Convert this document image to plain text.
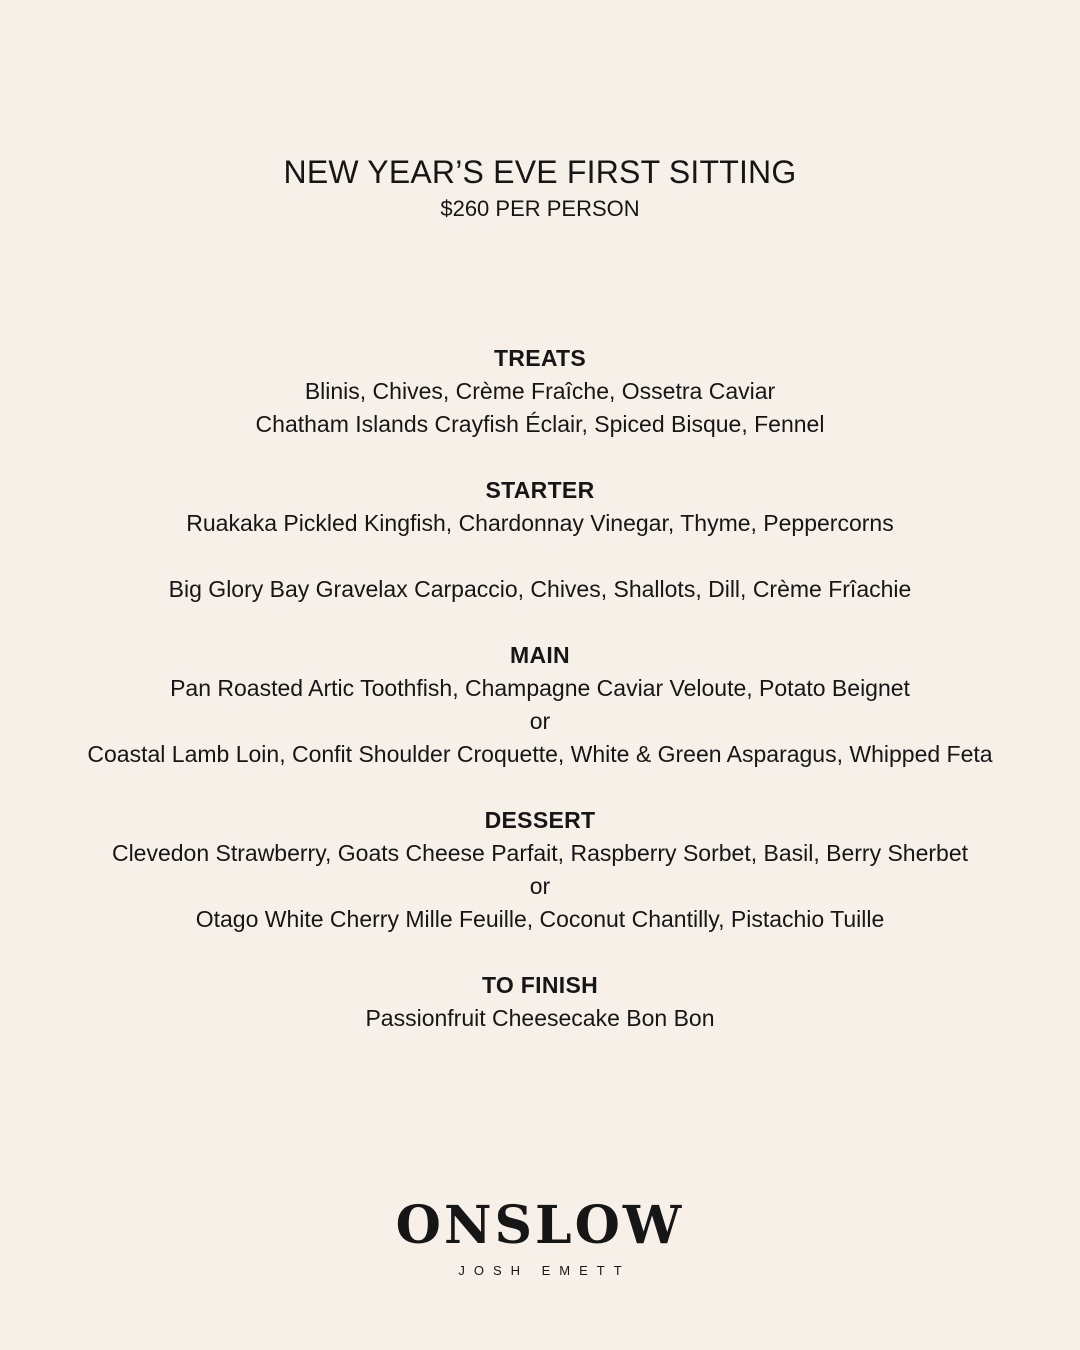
NEW YEAR’S EVE FIRST SITTING
$260 PER PERSON
TREATS
Blinis, Chives, Crème Fraîche, Ossetra Caviar
Chatham Islands Crayfish Éclair, Spiced Bisque, Fennel
STARTER
Ruakaka Pickled Kingfish, Chardonnay Vinegar, Thyme, Peppercorns
Big Glory Bay Gravelax Carpaccio, Chives, Shallots, Dill, Crème Frîachie
MAIN
Pan Roasted Artic Toothfish, Champagne Caviar Veloute, Potato Beignet
or
Coastal Lamb Loin, Confit Shoulder Croquette, White & Green Asparagus, Whipped Feta
DESSERT
Clevedon Strawberry, Goats Cheese Parfait, Raspberry Sorbet, Basil, Berry Sherbet
or
Otago White Cherry Mille Feuille, Coconut Chantilly, Pistachio Tuille
TO FINISH
Passionfruit Cheesecake Bon Bon
ONSLOW
JOSH EMETT
